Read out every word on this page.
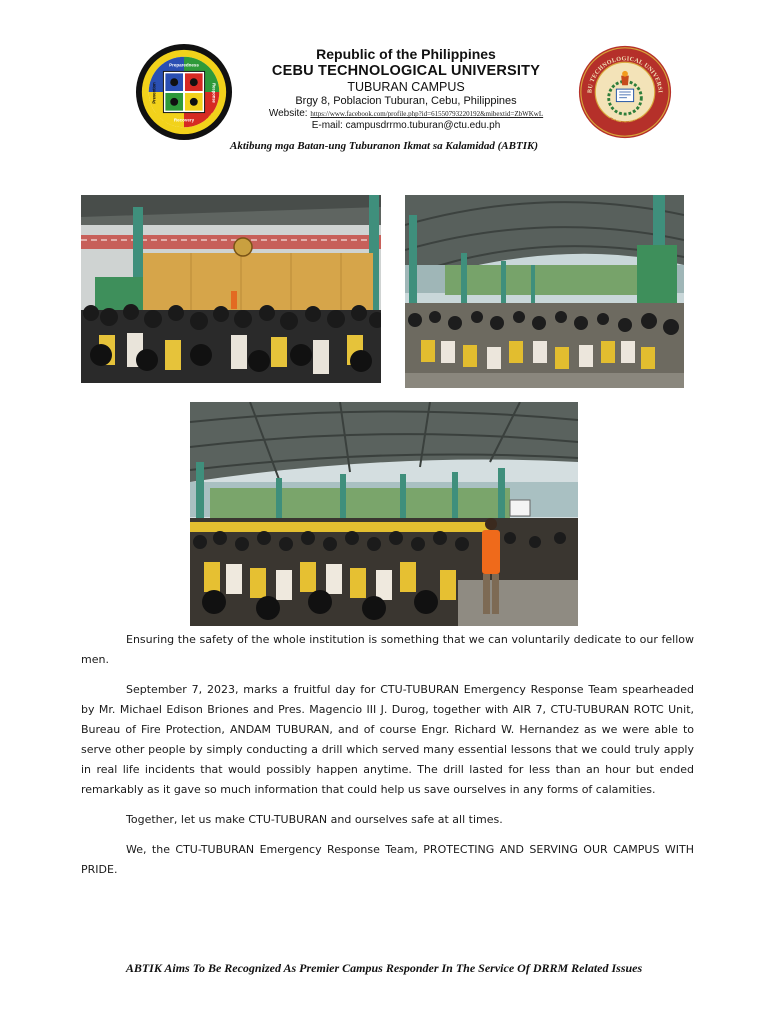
GA BATAN-UNG TUBURANON IKMAT SA
CTU-TUBURAN RESPONDER
Preparedness
Prevention	Response
Recovery
Republic of the Philippines
CEBU TECHNOLOGICAL UNIVERSITY
TUBURAN CAMPUS
Brgy 8, Poblacion Tuburan, Cebu, Philippines
Website: https://www.facebook.com/profile.php?id=61550793220192&mibextid=ZbWKwL
E-mail: campusdrrmo.tuburan@ctu.edu.ph
BU TECHNOLOGICAL UNIVERSI
Cebu, Philippines
Aktibung mga Batan-ung Tuburanon Ikmat sa Kalamidad (ABTIK)

Ensuring the safety of the whole institution is something that we can voluntarily dedicate to our fellow men.

September 7, 2023, marks a fruitful day for CTU-TUBURAN Emergency Response Team spearheaded by Mr. Michael Edison Briones and Pres. Magencio III J. Durog, together with AIR 7, CTU-TUBURAN ROTC Unit, Bureau of Fire Protection, ANDAM TUBURAN, and of course Engr. Richard W. Hernandez as we were able to serve other people by simply conducting a drill which served many essential lessons that we could truly apply in real life incidents that would possibly happen anytime. The drill lasted for less than an hour but ended remarkably as it gave so much information that could help us save ourselves in any forms of calamities.

Together, let us make CTU-TUBURAN and ourselves safe at all times.

We, the CTU-TUBURAN Emergency Response Team, PROTECTING AND SERVING OUR CAMPUS WITH PRIDE.

ABTIK Aims To Be Recognized As Premier Campus Responder In The Service Of DRRM Related Issues
